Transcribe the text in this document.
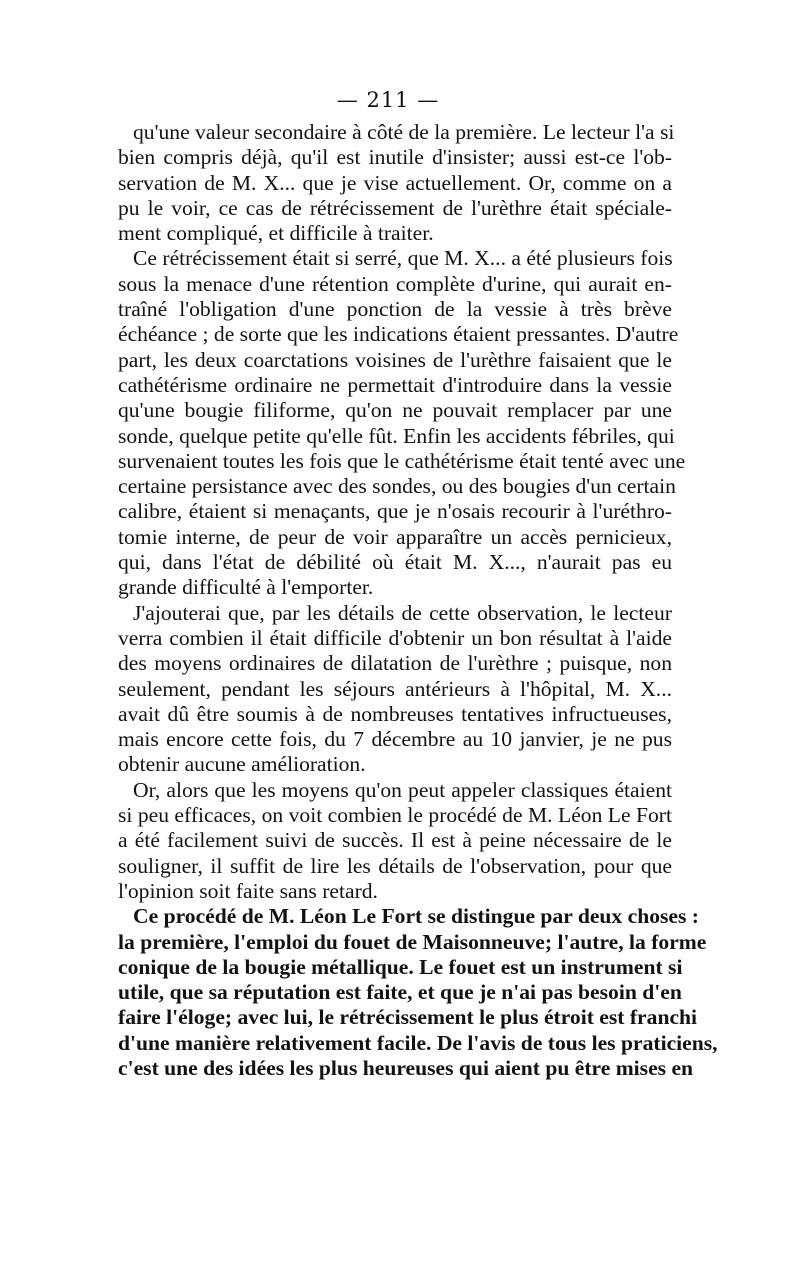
— 211 —
qu'une valeur secondaire à côté de la première. Le lecteur l'a si
bien compris déjà, qu'il est inutile d'insister; aussi est-ce l'ob-
servation de M. X... que je vise actuellement. Or, comme on a
pu le voir, ce cas de rétrécissement de l'urèthre était spéciale-
ment compliqué, et difficile à traiter.
Ce rétrécissement était si serré, que M. X... a été plusieurs fois
sous la menace d'une rétention complète d'urine, qui aurait en-
traîné l'obligation d'une ponction de la vessie à très brève
échéance ; de sorte que les indications étaient pressantes. D'autre
part, les deux coarctations voisines de l'urèthre faisaient que le
cathétérisme ordinaire ne permettait d'introduire dans la vessie
qu'une bougie filiforme, qu'on ne pouvait remplacer par une
sonde, quelque petite qu'elle fût. Enfin les accidents fébriles, qui
survenaient toutes les fois que le cathétérisme était tenté avec une
certaine persistance avec des sondes, ou des bougies d'un certain
calibre, étaient si menaçants, que je n'osais recourir à l'uréthro-
tomie interne, de peur de voir apparaître un accès pernicieux,
qui, dans l'état de débilité où était M. X..., n'aurait pas eu
grande difficulté à l'emporter.
J'ajouterai que, par les détails de cette observation, le lecteur
verra combien il était difficile d'obtenir un bon résultat à l'aide
des moyens ordinaires de dilatation de l'urèthre ; puisque, non
seulement, pendant les séjours antérieurs à l'hôpital, M. X...
avait dû être soumis à de nombreuses tentatives infructueuses,
mais encore cette fois, du 7 décembre au 10 janvier, je ne pus
obtenir aucune amélioration.
Or, alors que les moyens qu'on peut appeler classiques étaient
si peu efficaces, on voit combien le procédé de M. Léon Le Fort
a été facilement suivi de succès. Il est à peine nécessaire de le
souligner, il suffit de lire les détails de l'observation, pour que
l'opinion soit faite sans retard.
Ce procédé de M. Léon Le Fort se distingue par deux choses :
la première, l'emploi du fouet de Maisonneuve; l'autre, la forme
conique de la bougie métallique. Le fouet est un instrument si
utile, que sa réputation est faite, et que je n'ai pas besoin d'en
faire l'éloge; avec lui, le rétrécissement le plus étroit est franchi
d'une manière relativement facile. De l'avis de tous les praticiens,
c'est une des idées les plus heureuses qui aient pu être mises en
